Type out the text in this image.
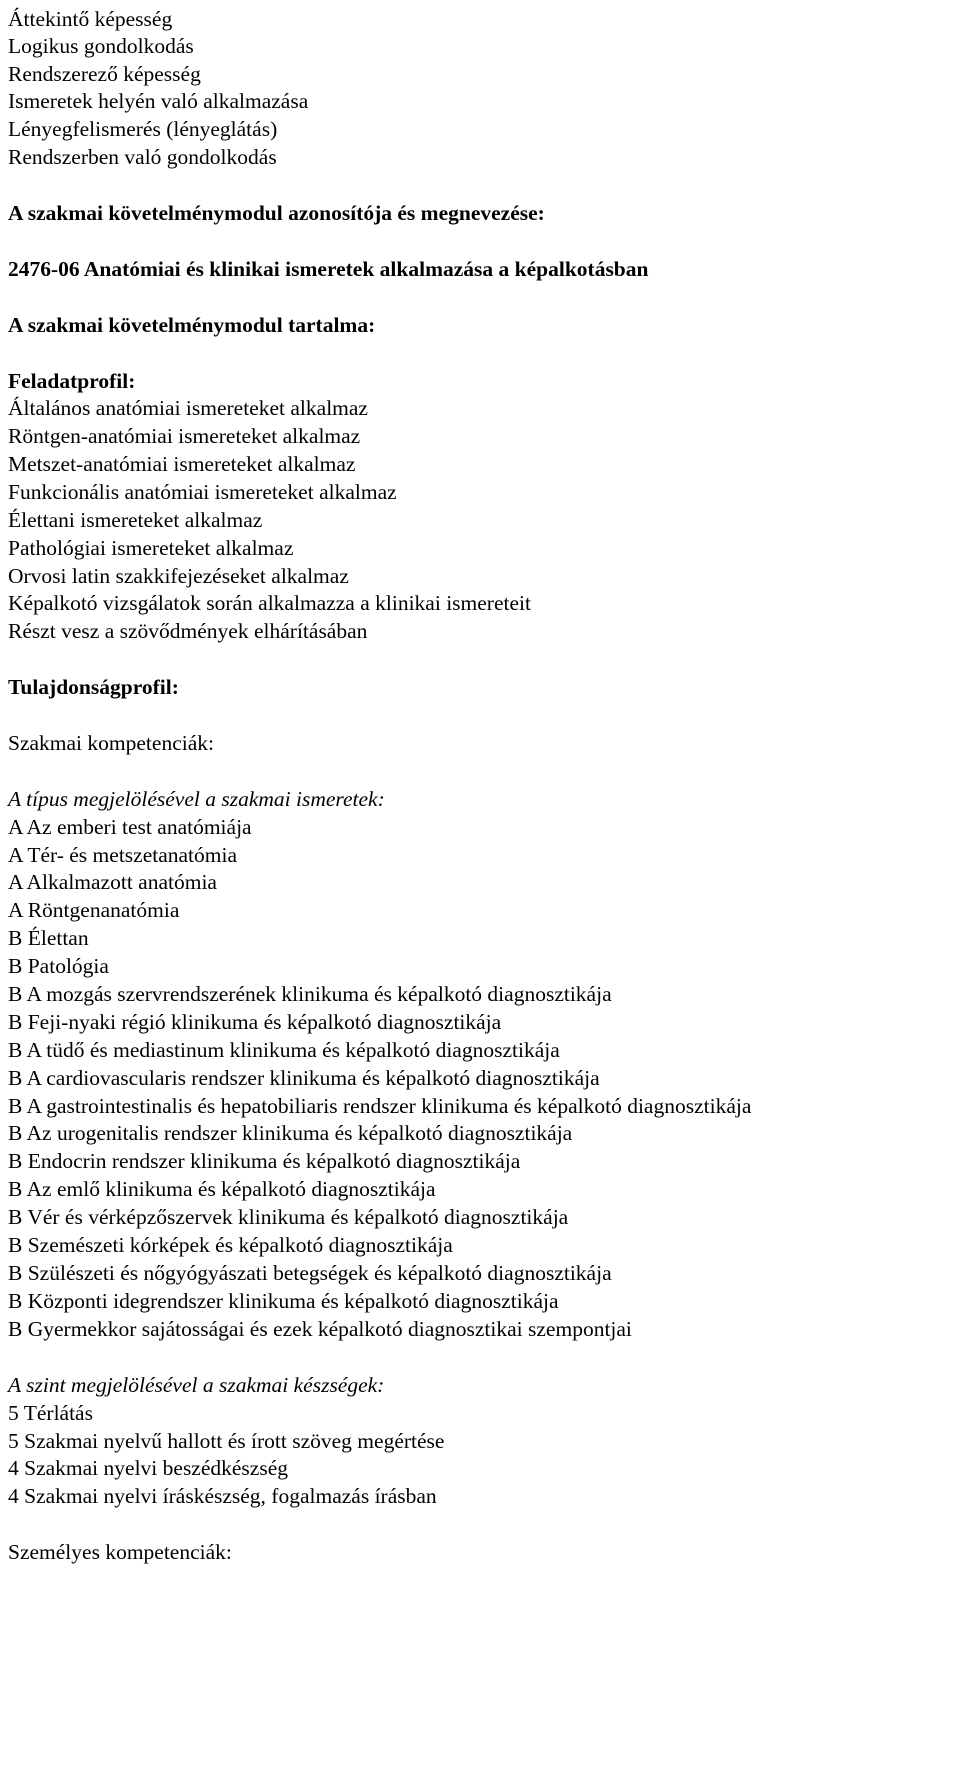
Áttekintő képesség
Logikus gondolkodás
Rendszerező képesség
Ismeretek helyén való alkalmazása
Lényegfelismerés (lényeglátás)
Rendszerben való gondolkodás
A szakmai követelménymodul azonosítója és megnevezése:
2476-06 Anatómiai és klinikai ismeretek alkalmazása a képalkotásban
A szakmai követelménymodul tartalma:
Feladatprofil:
Általános anatómiai ismereteket alkalmaz
Röntgen-anatómiai ismereteket alkalmaz
Metszet-anatómiai ismereteket alkalmaz
Funkcionális anatómiai ismereteket alkalmaz
Élettani ismereteket alkalmaz
Pathológiai ismereteket alkalmaz
Orvosi latin szakkifejezéseket alkalmaz
Képalkotó vizsgálatok során alkalmazza a klinikai ismereteit
Részt vesz a szövődmények elhárításában
Tulajdonságprofil:
Szakmai kompetenciák:
A típus megjelölésével a szakmai ismeretek:
A Az emberi test anatómiája
A Tér- és metszetanatómia
A Alkalmazott anatómia
A Röntgenanatómia
B Élettan
B Patológia
B A mozgás szervrendszerének klinikuma és képalkotó diagnosztikája
B Feji-nyaki régió klinikuma és képalkotó diagnosztikája
B A tüdő és mediastinum klinikuma és képalkotó diagnosztikája
B A cardiovascularis rendszer klinikuma és képalkotó diagnosztikája
B A gastrointestinalis és hepatobiliaris rendszer klinikuma és képalkotó diagnosztikája
B Az urogenitalis rendszer klinikuma és képalkotó diagnosztikája
B Endocrin rendszer klinikuma és képalkotó diagnosztikája
B Az emlő klinikuma és képalkotó diagnosztikája
B Vér és vérképzőszervek klinikuma és képalkotó diagnosztikája
B Szemészeti kórképek és képalkotó diagnosztikája
B Szülészeti és nőgyógyászati betegségek és képalkotó diagnosztikája
B Központi idegrendszer klinikuma és képalkotó diagnosztikája
B Gyermekkor sajátosságai és ezek képalkotó diagnosztikai szempontjai
A szint megjelölésével a szakmai készségek:
5 Térlátás
5 Szakmai nyelvű hallott és írott szöveg megértése
4 Szakmai nyelvi beszédkészség
4 Szakmai nyelvi íráskészség, fogalmazás írásban
Személyes kompetenciák:
